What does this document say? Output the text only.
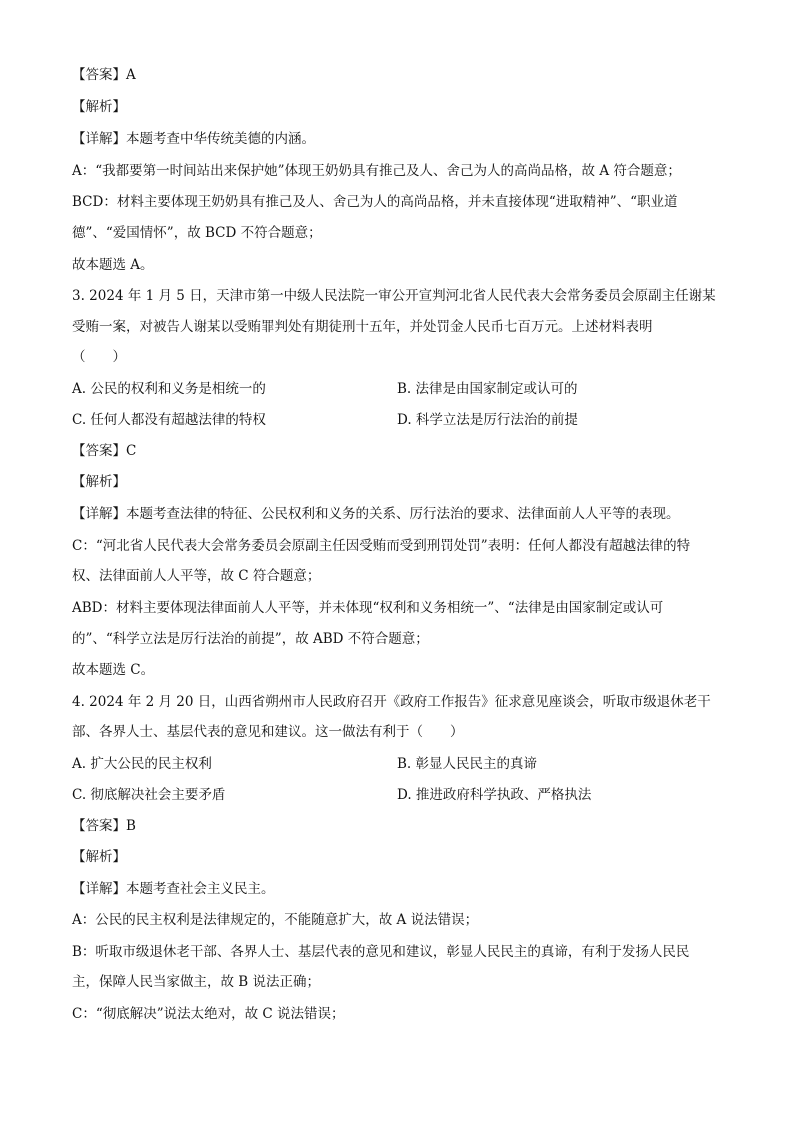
【答案】A
【解析】
【详解】本题考查中华传统美德的内涵。
A：“我都要第一时间站出来保护她”体现王奶奶具有推己及人、舍己为人的高尚品格，故 A 符合题意；
BCD：材料主要体现王奶奶具有推己及人、舍己为人的高尚品格，并未直接体现“进取精神”、“职业道
德”、“爱国情怀”，故 BCD 不符合题意；
故本题选 A。
3. 2024 年 1 月 5 日，天津市第一中级人民法院一审公开宣判河北省人民代表大会常务委员会原副主任谢某
受贿一案，对被告人谢某以受贿罪判处有期徒刑十五年，并处罚金人民币七百万元。上述材料表明
（　　）
A. 公民的权利和义务是相统一的	B. 法律是由国家制定或认可的
C. 任何人都没有超越法律的特权	D. 科学立法是厉行法治的前提
【答案】C
【解析】
【详解】本题考查法律的特征、公民权利和义务的关系、厉行法治的要求、法律面前人人平等的表现。
C：“河北省人民代表大会常务委员会原副主任因受贿而受到刑罚处罚”表明：任何人都没有超越法律的特
权、法律面前人人平等，故 C 符合题意；
ABD：材料主要体现法律面前人人平等，并未体现“权利和义务相统一”、“法律是由国家制定或认可
的”、“科学立法是厉行法治的前提”，故 ABD 不符合题意；
故本题选 C。
4. 2024 年 2 月 20 日，山西省朔州市人民政府召开《政府工作报告》征求意见座谈会，听取市级退休老干
部、各界人士、基层代表的意见和建议。这一做法有利于（　　）
A. 扩大公民的民主权利	B. 彰显人民民主的真谛
C. 彻底解决社会主要矛盾	D. 推进政府科学执政、严格执法
【答案】B
【解析】
【详解】本题考查社会主义民主。
A：公民的民主权利是法律规定的，不能随意扩大，故 A 说法错误；
B：听取市级退休老干部、各界人士、基层代表的意见和建议，彰显人民民主的真谛，有利于发扬人民民
主，保障人民当家做主，故 B 说法正确；
C：“彻底解决”说法太绝对，故 C 说法错误；
